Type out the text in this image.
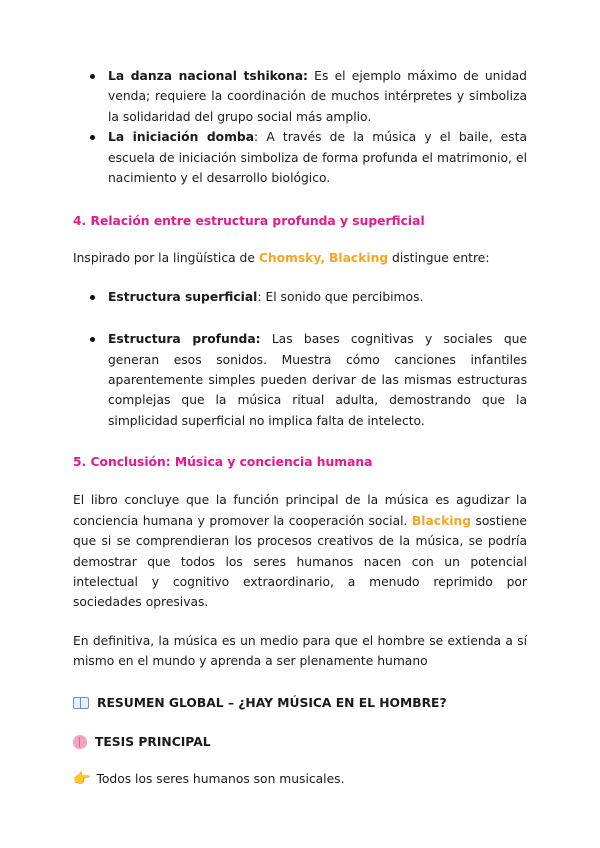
La danza nacional tshikona: Es el ejemplo máximo de unidad venda; requiere la coordinación de muchos intérpretes y simboliza la solidaridad del grupo social más amplio.
La iniciación domba: A través de la música y el baile, esta escuela de iniciación simboliza de forma profunda el matrimonio, el nacimiento y el desarrollo biológico.

4. Relación entre estructura profunda y superficial

Inspirado por la lingüística de Chomsky, Blacking distingue entre:

Estructura superficial: El sonido que percibimos.
Estructura profunda: Las bases cognitivas y sociales que generan esos sonidos. Muestra cómo canciones infantiles aparentemente simples pueden derivar de las mismas estructuras complejas que la música ritual adulta, demostrando que la simplicidad superficial no implica falta de intelecto.

5. Conclusión: Música y conciencia humana

El libro concluye que la función principal de la música es agudizar la conciencia humana y promover la cooperación social. Blacking sostiene que si se comprendieran los procesos creativos de la música, se podría demostrar que todos los seres humanos nacen con un potencial intelectual y cognitivo extraordinario, a menudo reprimido por sociedades opresivas.

En definitiva, la música es un medio para que el hombre se extienda a sí mismo en el mundo y aprenda a ser plenamente humano

RESUMEN GLOBAL – ¿HAY MÚSICA EN EL HOMBRE?
TESIS PRINCIPAL
👉 Todos los seres humanos son musicales.
